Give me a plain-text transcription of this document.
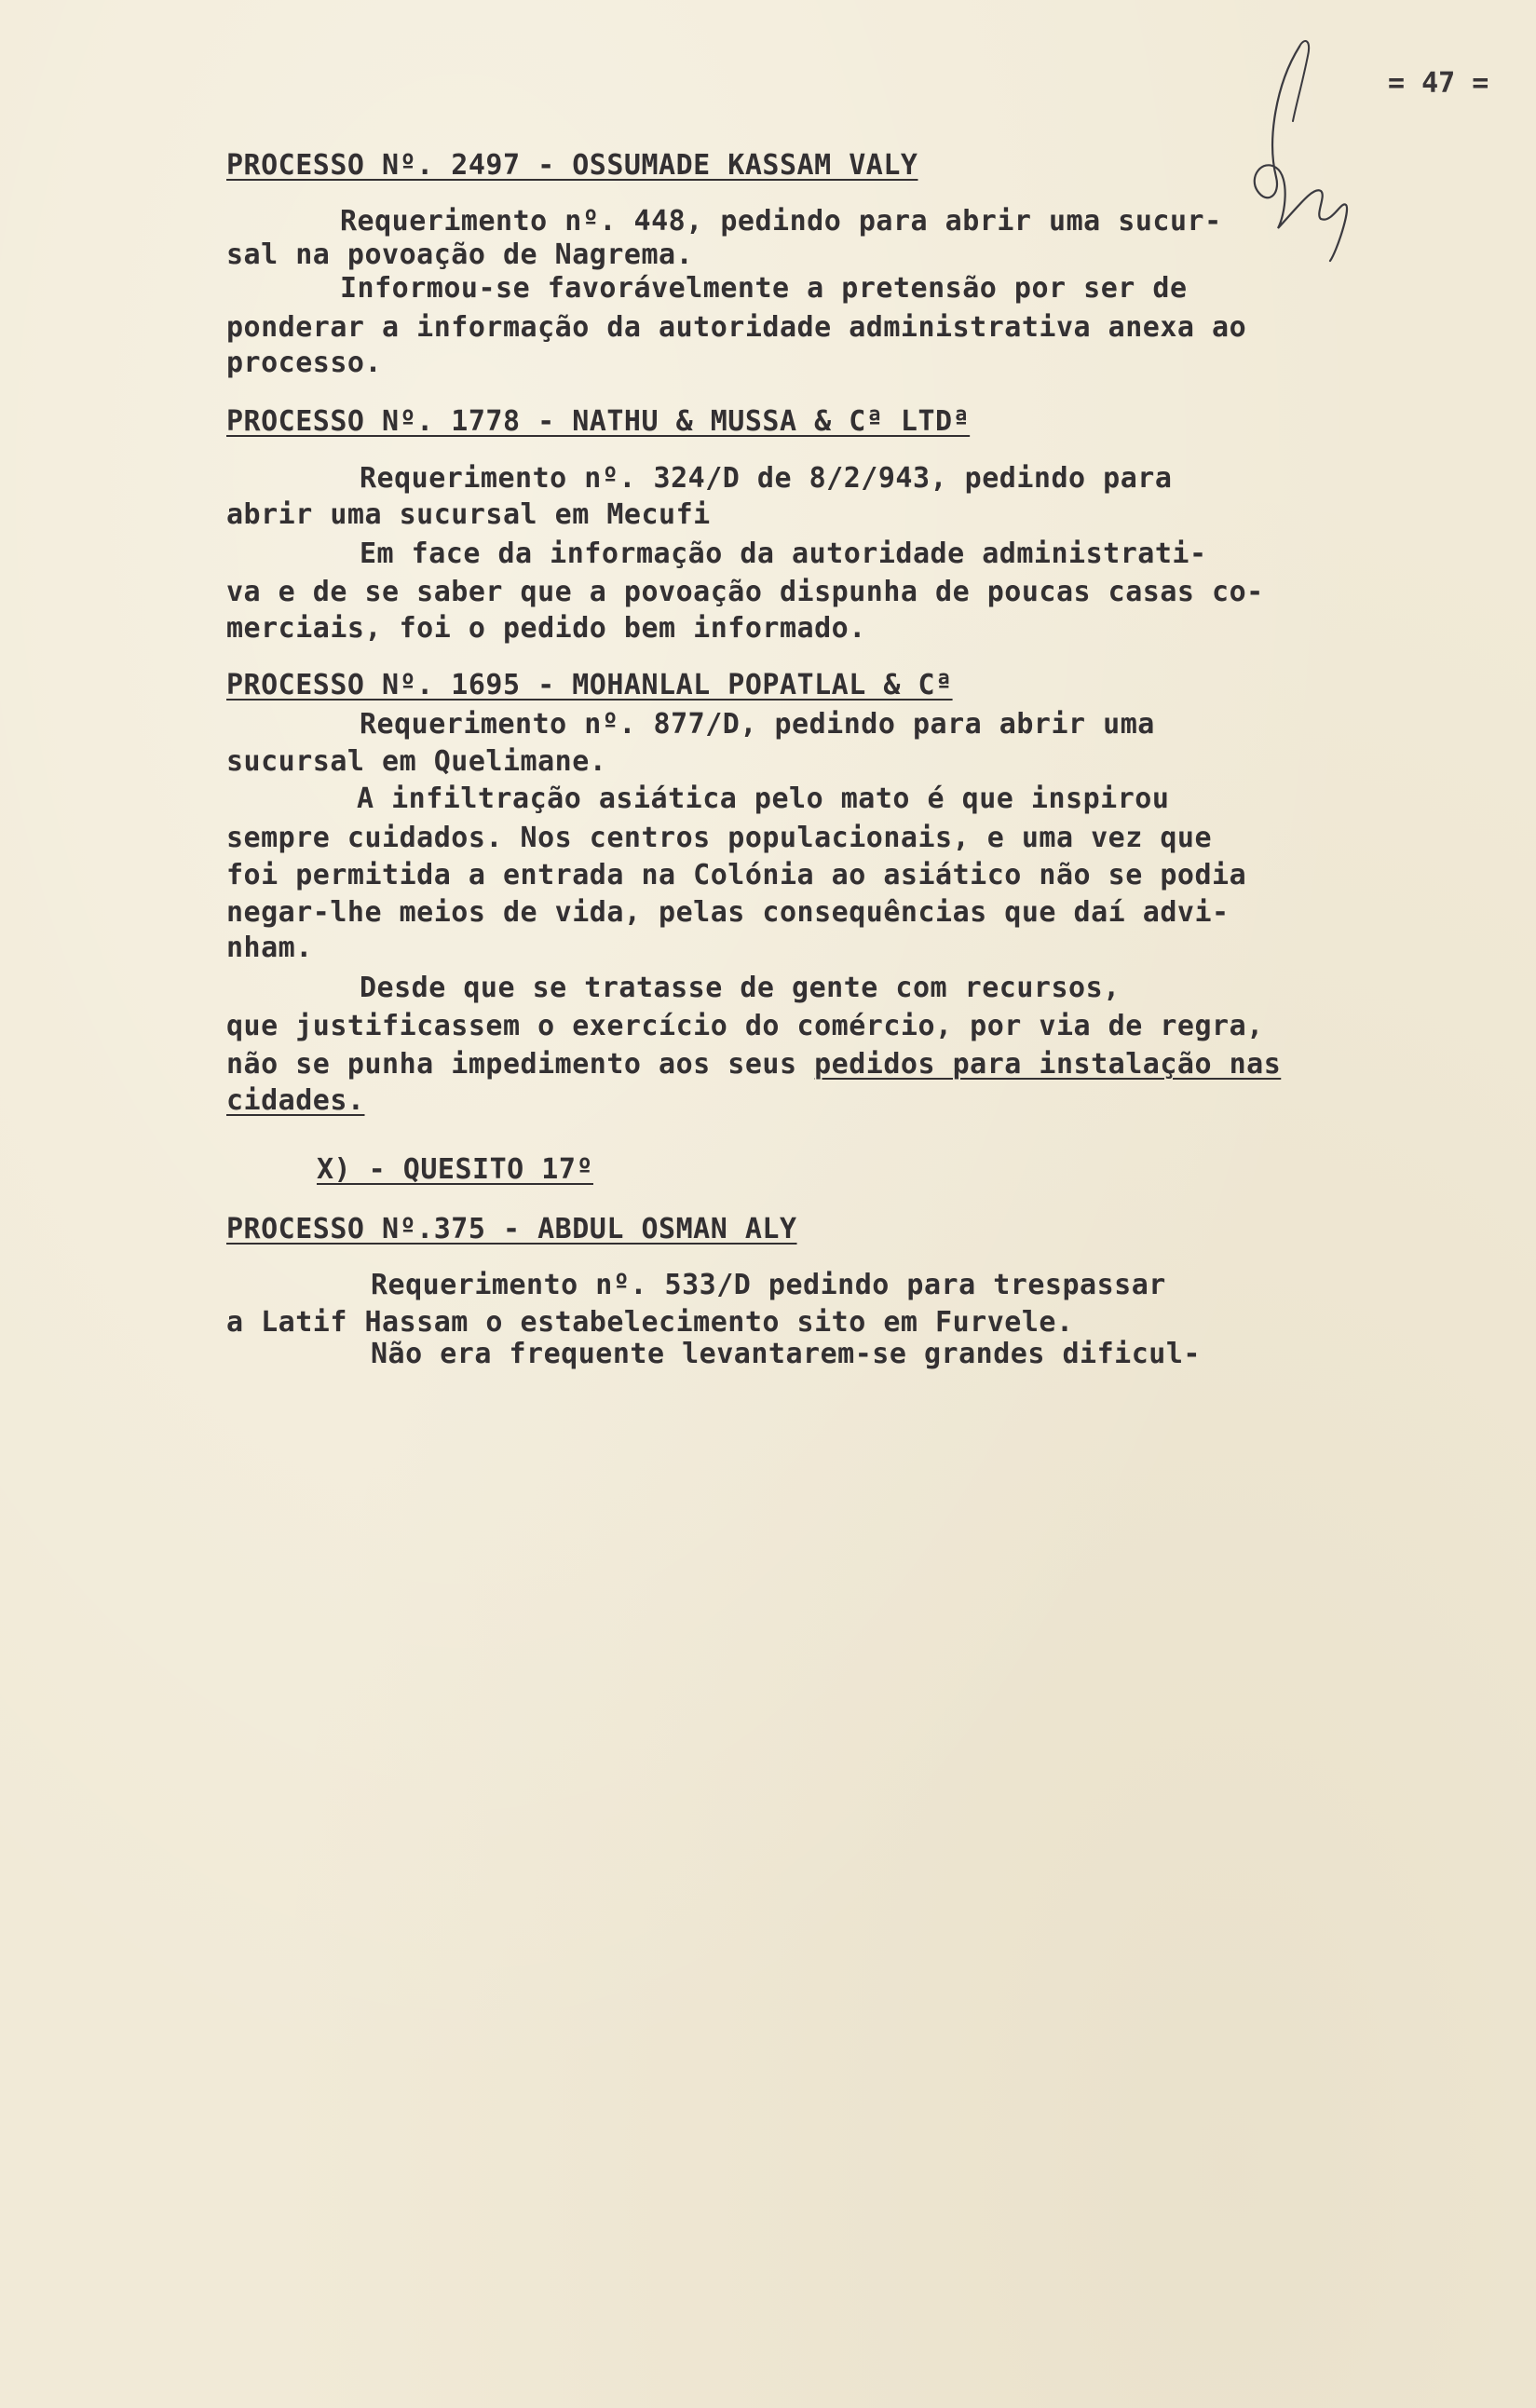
= 47 =
PROCESSO Nº. 2497 - OSSUMADE KASSAM VALY
Requerimento nº. 448, pedindo para abrir uma sucur-
sal na povoação de Nagrema.
Informou-se favorávelmente a pretensão por ser de
ponderar a informação da autoridade administrativa anexa ao
processo.
PROCESSO Nº. 1778 - NATHU & MUSSA & Cª LTDª
Requerimento nº. 324/D de 8/2/943, pedindo para
abrir uma sucursal em Mecufi
Em face da informação da autoridade administrati-
va e de se saber que a povoação dispunha de poucas casas co-
merciais, foi o pedido bem informado.
PROCESSO Nº. 1695 - MOHANLAL POPATLAL & Cª
Requerimento nº. 877/D, pedindo para abrir uma
sucursal em Quelimane.
A infiltração asiática pelo mato é que inspirou
sempre cuidados. Nos centros populacionais, e uma vez que
foi permitida a entrada na Colónia ao asiático não se podia
negar-lhe meios de vida, pelas consequências que daí advi-
nham.
Desde que se tratasse de gente com recursos,
que justificassem o exercício do comércio, por via de regra,
não se punha impedimento aos seus pedidos para instalação nas
cidades.
X) - QUESITO 17º
PROCESSO Nº.375 - ABDUL OSMAN ALY
Requerimento nº. 533/D pedindo para trespassar
a Latif Hassam o estabelecimento sito em Furvele.
Não era frequente levantarem-se grandes dificul-
